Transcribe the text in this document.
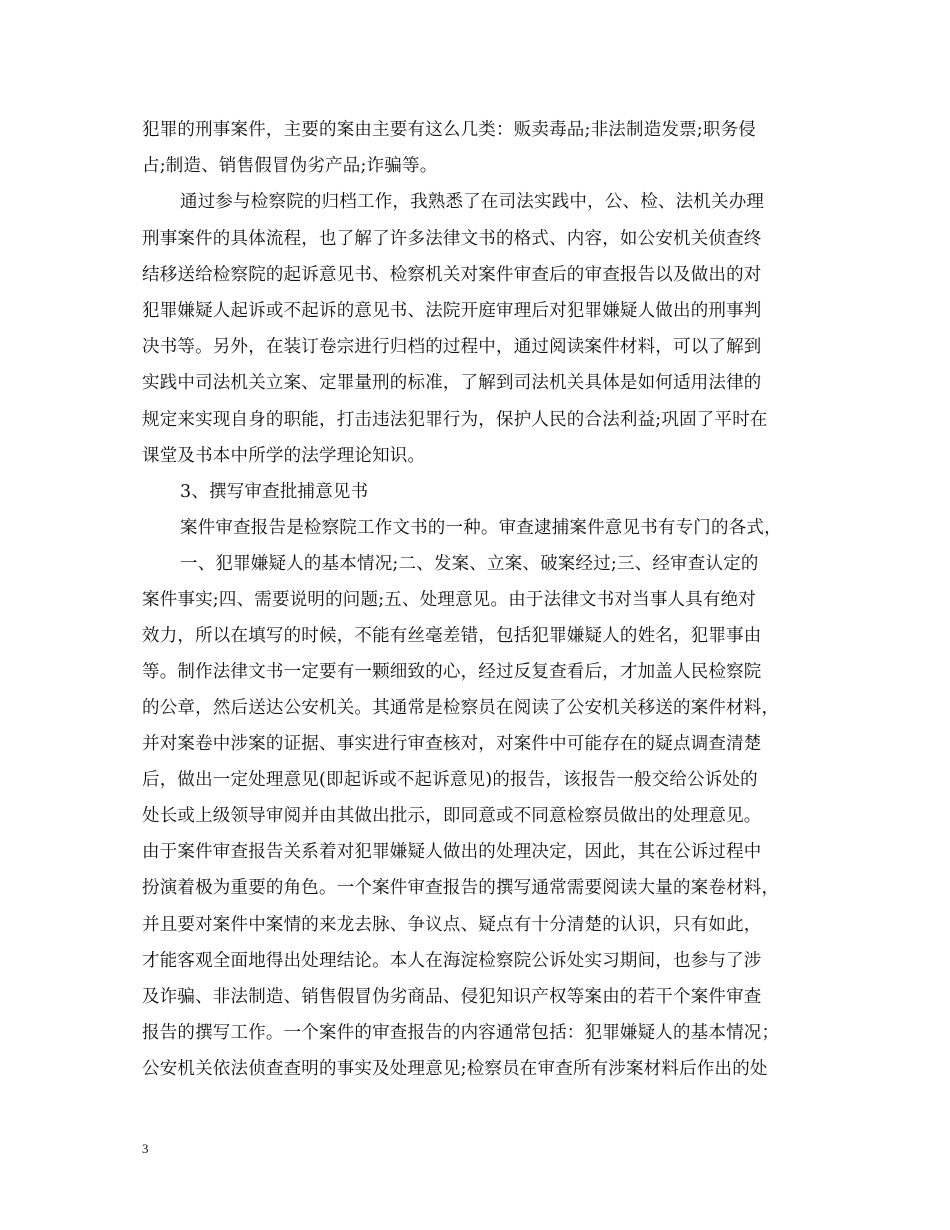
犯罪的刑事案件，主要的案由主要有这么几类：贩卖毒品;非法制造发票;职务侵
占;制造、销售假冒伪劣产品;诈骗等。
通过参与检察院的归档工作，我熟悉了在司法实践中，公、检、法机关办理
刑事案件的具体流程，也了解了许多法律文书的格式、内容，如公安机关侦查终
结移送给检察院的起诉意见书、检察机关对案件审查后的审查报告以及做出的对
犯罪嫌疑人起诉或不起诉的意见书、法院开庭审理后对犯罪嫌疑人做出的刑事判
决书等。另外，在装订卷宗进行归档的过程中，通过阅读案件材料，可以了解到
实践中司法机关立案、定罪量刑的标准，了解到司法机关具体是如何适用法律的
规定来实现自身的职能，打击违法犯罪行为，保护人民的合法利益;巩固了平时在
课堂及书本中所学的法学理论知识。
3、撰写审查批捕意见书
案件审查报告是检察院工作文书的一种。审查逮捕案件意见书有专门的各式，
一、犯罪嫌疑人的基本情况;二、发案、立案、破案经过;三、经审查认定的
案件事实;四、需要说明的问题;五、处理意见。由于法律文书对当事人具有绝对
效力，所以在填写的时候，不能有丝毫差错，包括犯罪嫌疑人的姓名，犯罪事由
等。制作法律文书一定要有一颗细致的心，经过反复查看后，才加盖人民检察院
的公章，然后送达公安机关。其通常是检察员在阅读了公安机关移送的案件材料，
并对案卷中涉案的证据、事实进行审查核对，对案件中可能存在的疑点调查清楚
后，做出一定处理意见(即起诉或不起诉意见)的报告，该报告一般交给公诉处的
处长或上级领导审阅并由其做出批示，即同意或不同意检察员做出的处理意见。
由于案件审查报告关系着对犯罪嫌疑人做出的处理决定，因此，其在公诉过程中
扮演着极为重要的角色。一个案件审查报告的撰写通常需要阅读大量的案卷材料，
并且要对案件中案情的来龙去脉、争议点、疑点有十分清楚的认识，只有如此，
才能客观全面地得出处理结论。本人在海淀检察院公诉处实习期间，也参与了涉
及诈骗、非法制造、销售假冒伪劣商品、侵犯知识产权等案由的若干个案件审查
报告的撰写工作。一个案件的审查报告的内容通常包括：犯罪嫌疑人的基本情况；
公安机关依法侦查查明的事实及处理意见;检察员在审查所有涉案材料后作出的处
3
